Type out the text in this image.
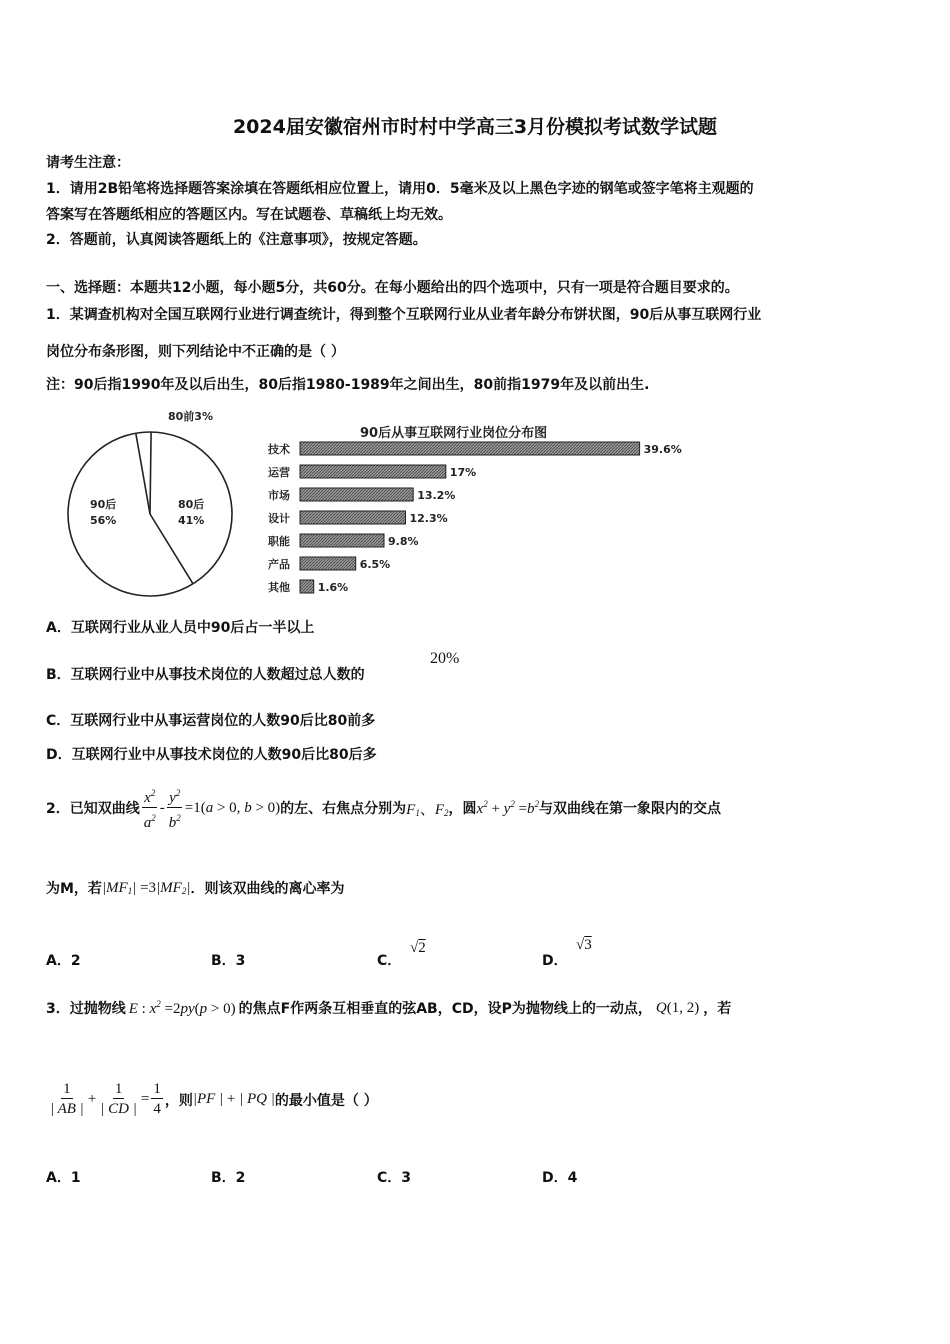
2024届安徽宿州市时村中学高三3月份模拟考试数学试题
请考生注意：
1．请用2B铅笔将选择题答案涂填在答题纸相应位置上，请用0．5毫米及以上黑色字迹的钢笔或签字笔将主观题的
答案写在答题纸相应的答题区内。写在试题卷、草稿纸上均无效。
2．答题前，认真阅读答题纸上的《注意事项》，按规定答题。
一、选择题：本题共12小题，每小题5分，共60分。在每小题给出的四个选项中，只有一项是符合题目要求的。
1．某调查机构对全国互联网行业进行调查统计，得到整个互联网行业从业者年龄分布饼状图，90后从事互联网行业
岗位分布条形图，则下列结论中不正确的是（ ）
注：90后指1990年及以后出生，80后指1980-1989年之间出生，80前指1979年及以前出生.
90后
56%
80后
41%
80前3%
90后从事互联网行业岗位分布图
技术	39.6%
运营	17%
市场	13.2%
设计	12.3%
职能	9.8%
产品	6.5%
其他	1.6%
A．互联网行业从业人员中90后占一半以上
B．互联网行业中从事技术岗位的人数超过总人数的
20%
C．互联网行业中从事运营岗位的人数90后比80前多
D．互联网行业中从事技术岗位的人数90后比80后多
2．已知双曲线 $\frac{x^2}{a^2} - \frac{y^2}{b^2} =1(a > 0$, b > 0) 的左、右焦点分别为 $F_1$、$F_2$ ，圆 $x^2 + y^2 =b^2$ 与双曲线在第一象限内的交点
为M，若 $|MF_1| =3|MF_2|$ ．则该双曲线的离心率为
A．2	B．3	C．
√2
D．
√3
3．过抛物线 E : $x^2 =2py(p > 0)$ 的焦点F作两条互相垂直的弦AB，CD，设P为抛物线上的一动点， Q(1, 2) ，若
$\frac{1}{| AB |} + \frac{1}{| CD |} = \frac{1}{4}$ ，则 |PF | + | PQ | 的最小值是（ ）
A．1	B．2	C．3	D．4
